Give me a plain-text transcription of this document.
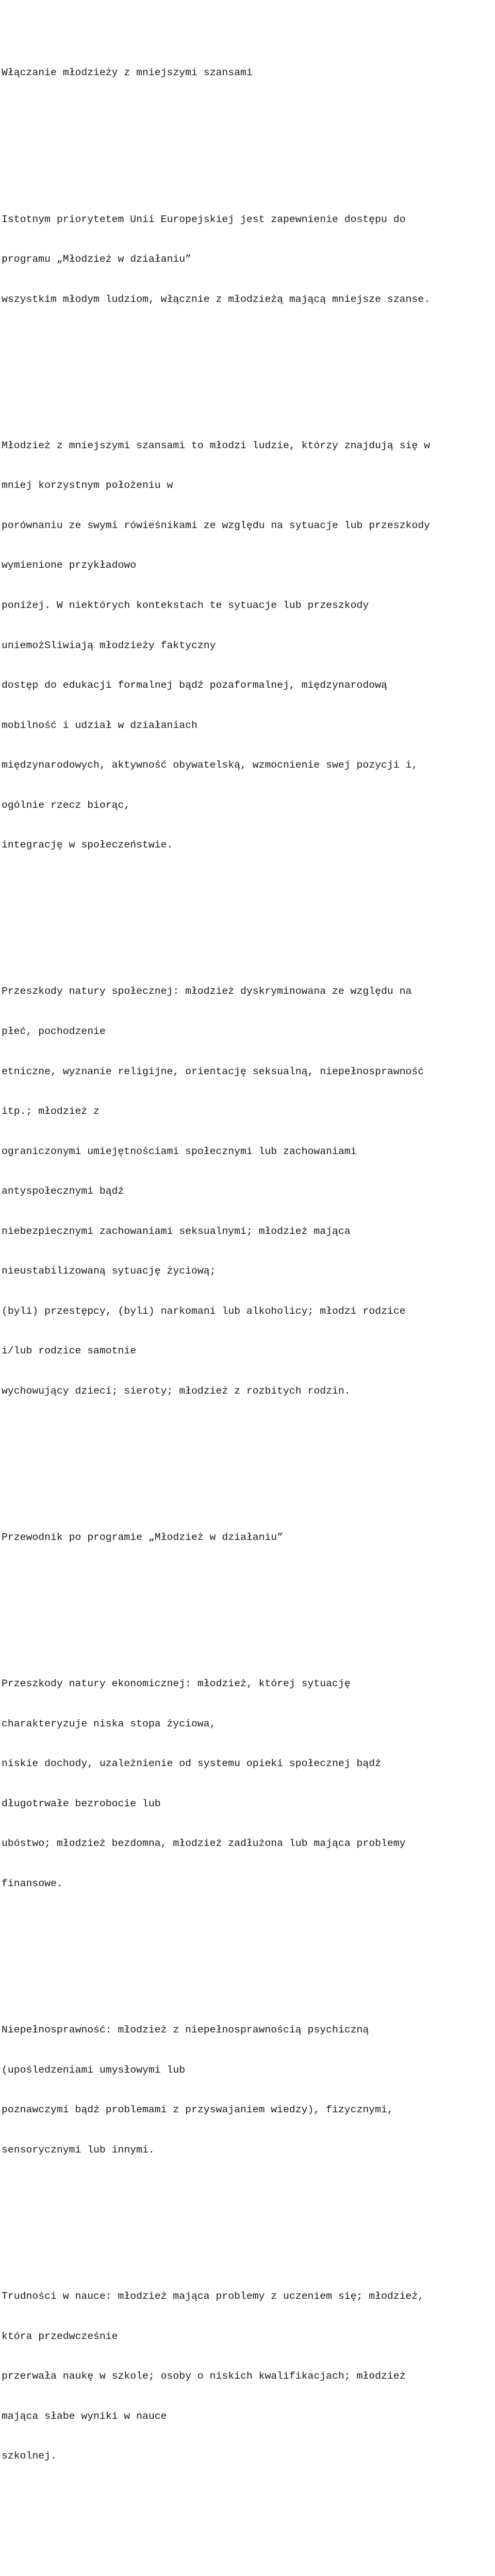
Włączanie młodzieży z mniejszymi szansami

Istotnym priorytetem Unii Europejskiej jest zapewnienie dostępu do

programu „Młodzież w działaniu”

wszystkim młodym ludziom, włącznie z młodzieżą mającą mniejsze szanse.

Młodzież z mniejszymi szansami to młodzi ludzie, którzy znajdują się w

mniej korzystnym położeniu w

porównaniu ze swymi rówieśnikami ze względu na sytuacje lub przeszkody

wymienione przykładowo

poniżej. W niektórych kontekstach te sytuacje lub przeszkody

uniemożSliwiają młodzieży faktyczny

dostęp do edukacji formalnej bądź pozaformalnej, międzynarodową

mobilność i udział w działaniach

międzynarodowych, aktywność obywatelską, wzmocnienie swej pozycji i,

ogólnie rzecz biorąc,

integrację w społeczeństwie.

Przeszkody natury społecznej: młodzież dyskryminowana ze względu na

płeć, pochodzenie

etniczne, wyznanie religijne, orientację seksualną, niepełnosprawność

itp.; młodzież z

ograniczonymi umiejętnościami społecznymi lub zachowaniami

antyspołecznymi bądź

niebezpiecznymi zachowaniami seksualnymi; młodzież mająca

nieustabilizowaną sytuację życiową;

(byli) przestępcy, (byli) narkomani lub alkoholicy; młodzi rodzice

i/lub rodzice samotnie

wychowujący dzieci; sieroty; młodzież z rozbitych rodzin.

Przewodnik po programie „Młodzież w działaniu”

Przeszkody natury ekonomicznej: młodzież, której sytuację

charakteryzuje niska stopa życiowa,

niskie dochody, uzależnienie od systemu opieki społecznej bądź

długotrwałe bezrobocie lub

ubóstwo; młodzież bezdomna, młodzież zadłużona lub mająca problemy

finansowe.

Niepełnosprawność: młodzież z niepełnosprawnością psychiczną

(upośledzeniami umysłowymi lub

poznawczymi bądź problemami z przyswajaniem wiedzy), fizycznymi,

sensorycznymi lub innymi.

Trudności w nauce: młodzież mająca problemy z uczeniem się; młodzież,

która przedwcześnie

przerwała naukę w szkole; osoby o niskich kwalifikacjach; młodzież

mająca słabe wyniki w nauce

szkolnej.
